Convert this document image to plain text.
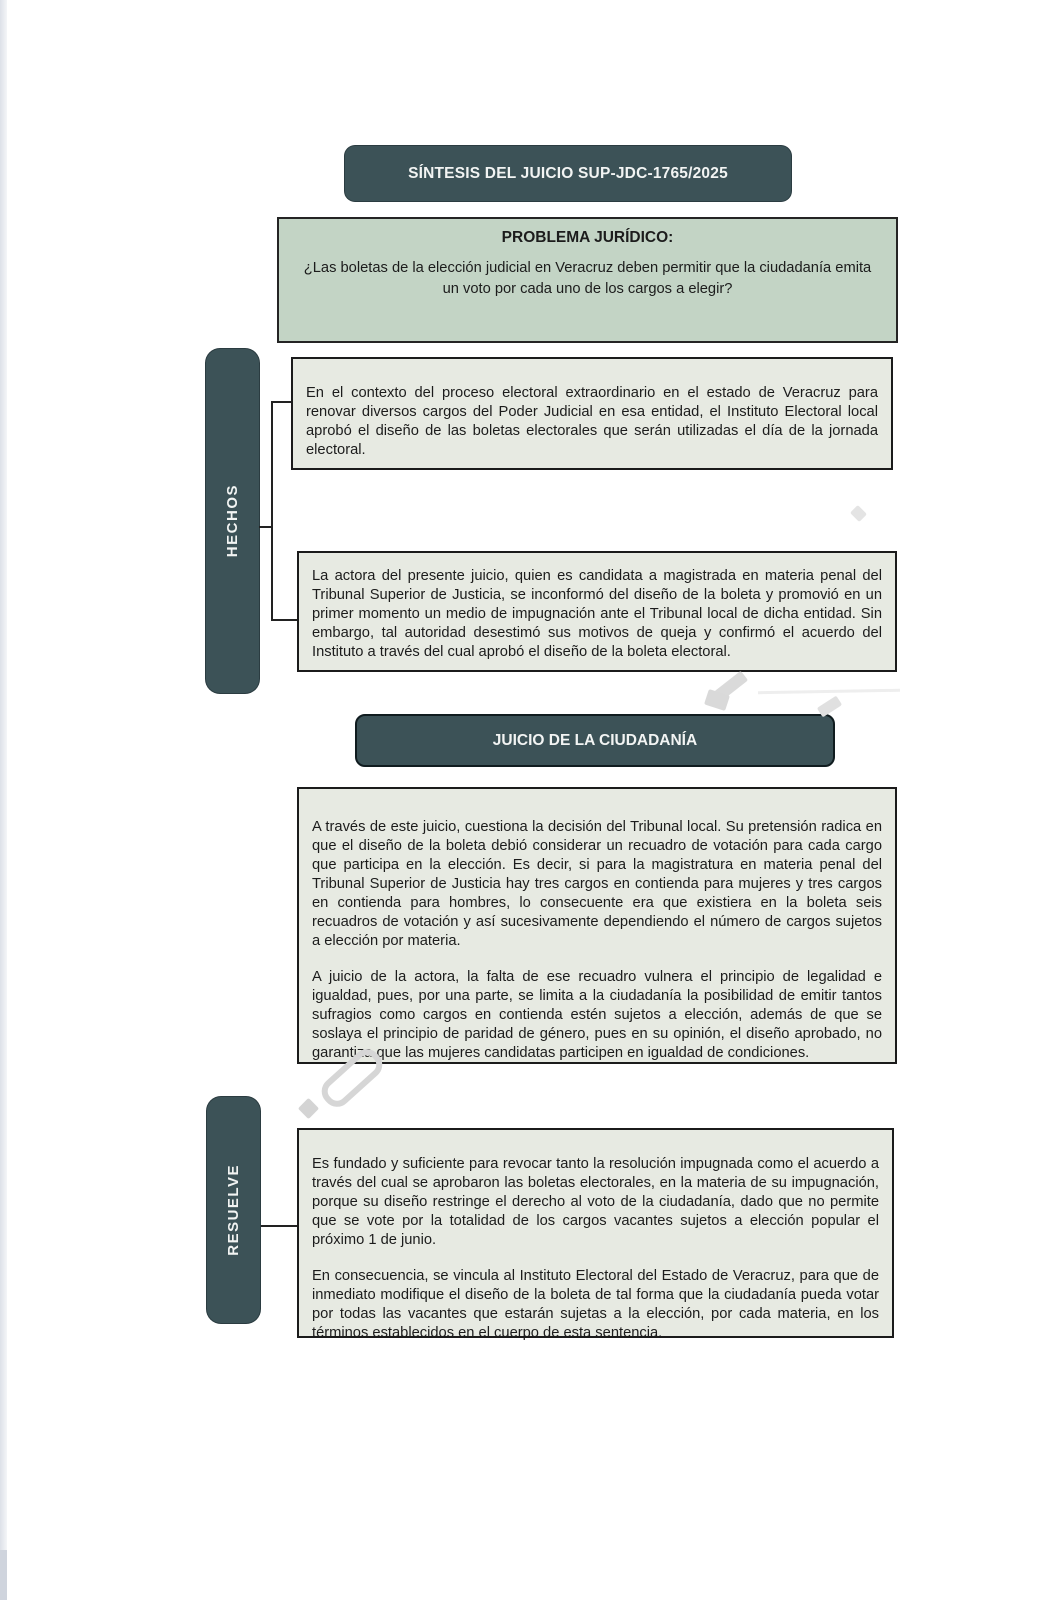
SÍNTESIS DEL JUICIO SUP-JDC-1765/2025

PROBLEMA JURÍDICO:

¿Las boletas de la elección judicial en Veracruz deben permitir que la ciudadanía emita un voto por cada uno de los cargos a elegir?

HECHOS

En el contexto del proceso electoral extraordinario en el estado de Veracruz para renovar diversos cargos del Poder Judicial en esa entidad, el Instituto Electoral local aprobó el diseño de las boletas electorales que serán utilizadas el día de la jornada electoral.

La actora del presente juicio, quien es candidata a magistrada en materia penal del Tribunal Superior de Justicia, se inconformó del diseño de la boleta y promovió en un primer momento un medio de impugnación ante el Tribunal local de dicha entidad. Sin embargo, tal autoridad desestimó sus motivos de queja y confirmó el acuerdo del Instituto a través del cual aprobó el diseño de la boleta electoral.

JUICIO DE LA CIUDADANÍA

A través de este juicio, cuestiona la decisión del Tribunal local. Su pretensión radica en que el diseño de la boleta debió considerar un recuadro de votación para cada cargo que participa en la elección. Es decir, si para la magistratura en materia penal del Tribunal Superior de Justicia hay tres cargos en contienda para mujeres y tres cargos en contienda para hombres, lo consecuente era que existiera en la boleta seis recuadros de votación y así sucesivamente dependiendo el número de cargos sujetos a elección por materia.

A juicio de la actora, la falta de ese recuadro vulnera el principio de legalidad e igualdad, pues, por una parte, se limita a la ciudadanía la posibilidad de emitir tantos sufragios como cargos en contienda estén sujetos a elección, además de que se soslaya el principio de paridad de género, pues en su opinión, el diseño aprobado, no garantiza que las mujeres candidatas participen en igualdad de condiciones.

RESUELVE

Es fundado y suficiente para revocar tanto la resolución impugnada como el acuerdo a través del cual se aprobaron las boletas electorales, en la materia de su impugnación, porque su diseño restringe el derecho al voto de la ciudadanía, dado que no permite que se vote por la totalidad de los cargos vacantes sujetos a elección popular el próximo 1 de junio.

En consecuencia, se vincula al Instituto Electoral del Estado de Veracruz, para que de inmediato modifique el diseño de la boleta de tal forma que la ciudadanía pueda votar por todas las vacantes que estarán sujetas a la elección, por cada materia, en los términos establecidos en el cuerpo de esta sentencia.
